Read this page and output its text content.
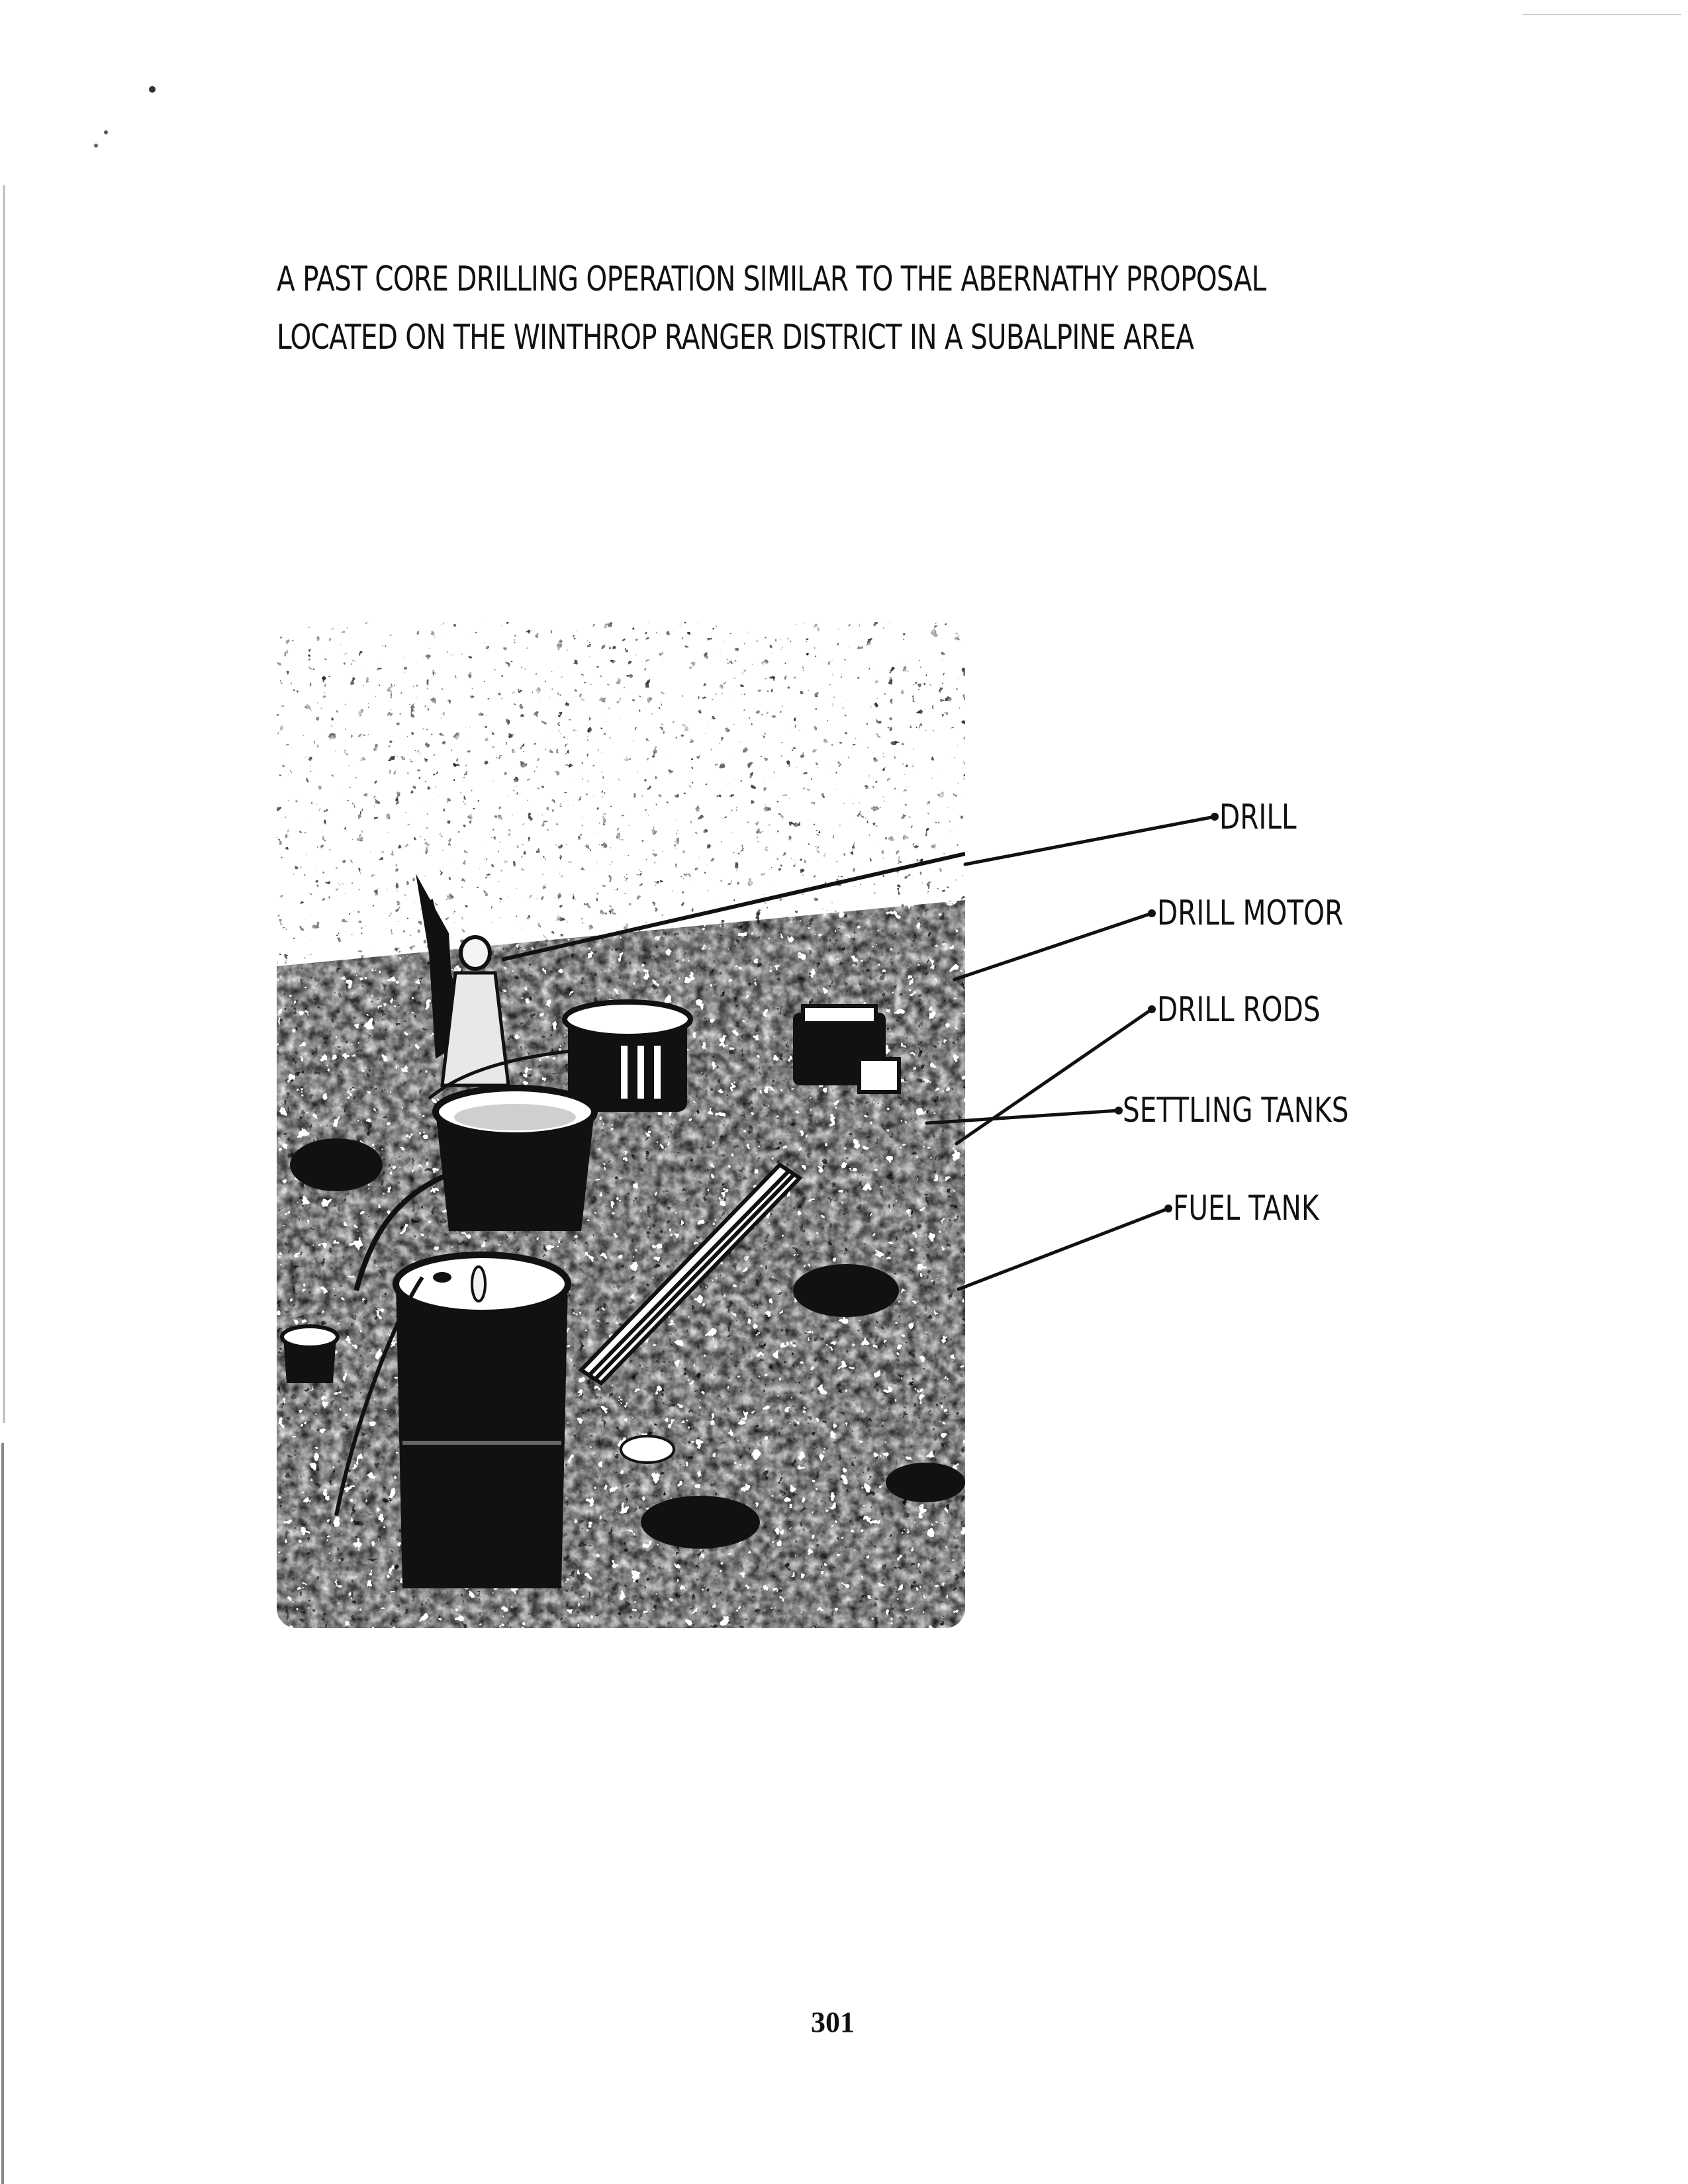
A PAST CORE DRILLING OPERATION SIMILAR TO THE ABERNATHY PROPOSAL
LOCATED ON THE WINTHROP RANGER DISTRICT IN A SUBALPINE AREA
DRILL
DRILL MOTOR
DRILL RODS
SETTLING TANKS
FUEL TANK
301
